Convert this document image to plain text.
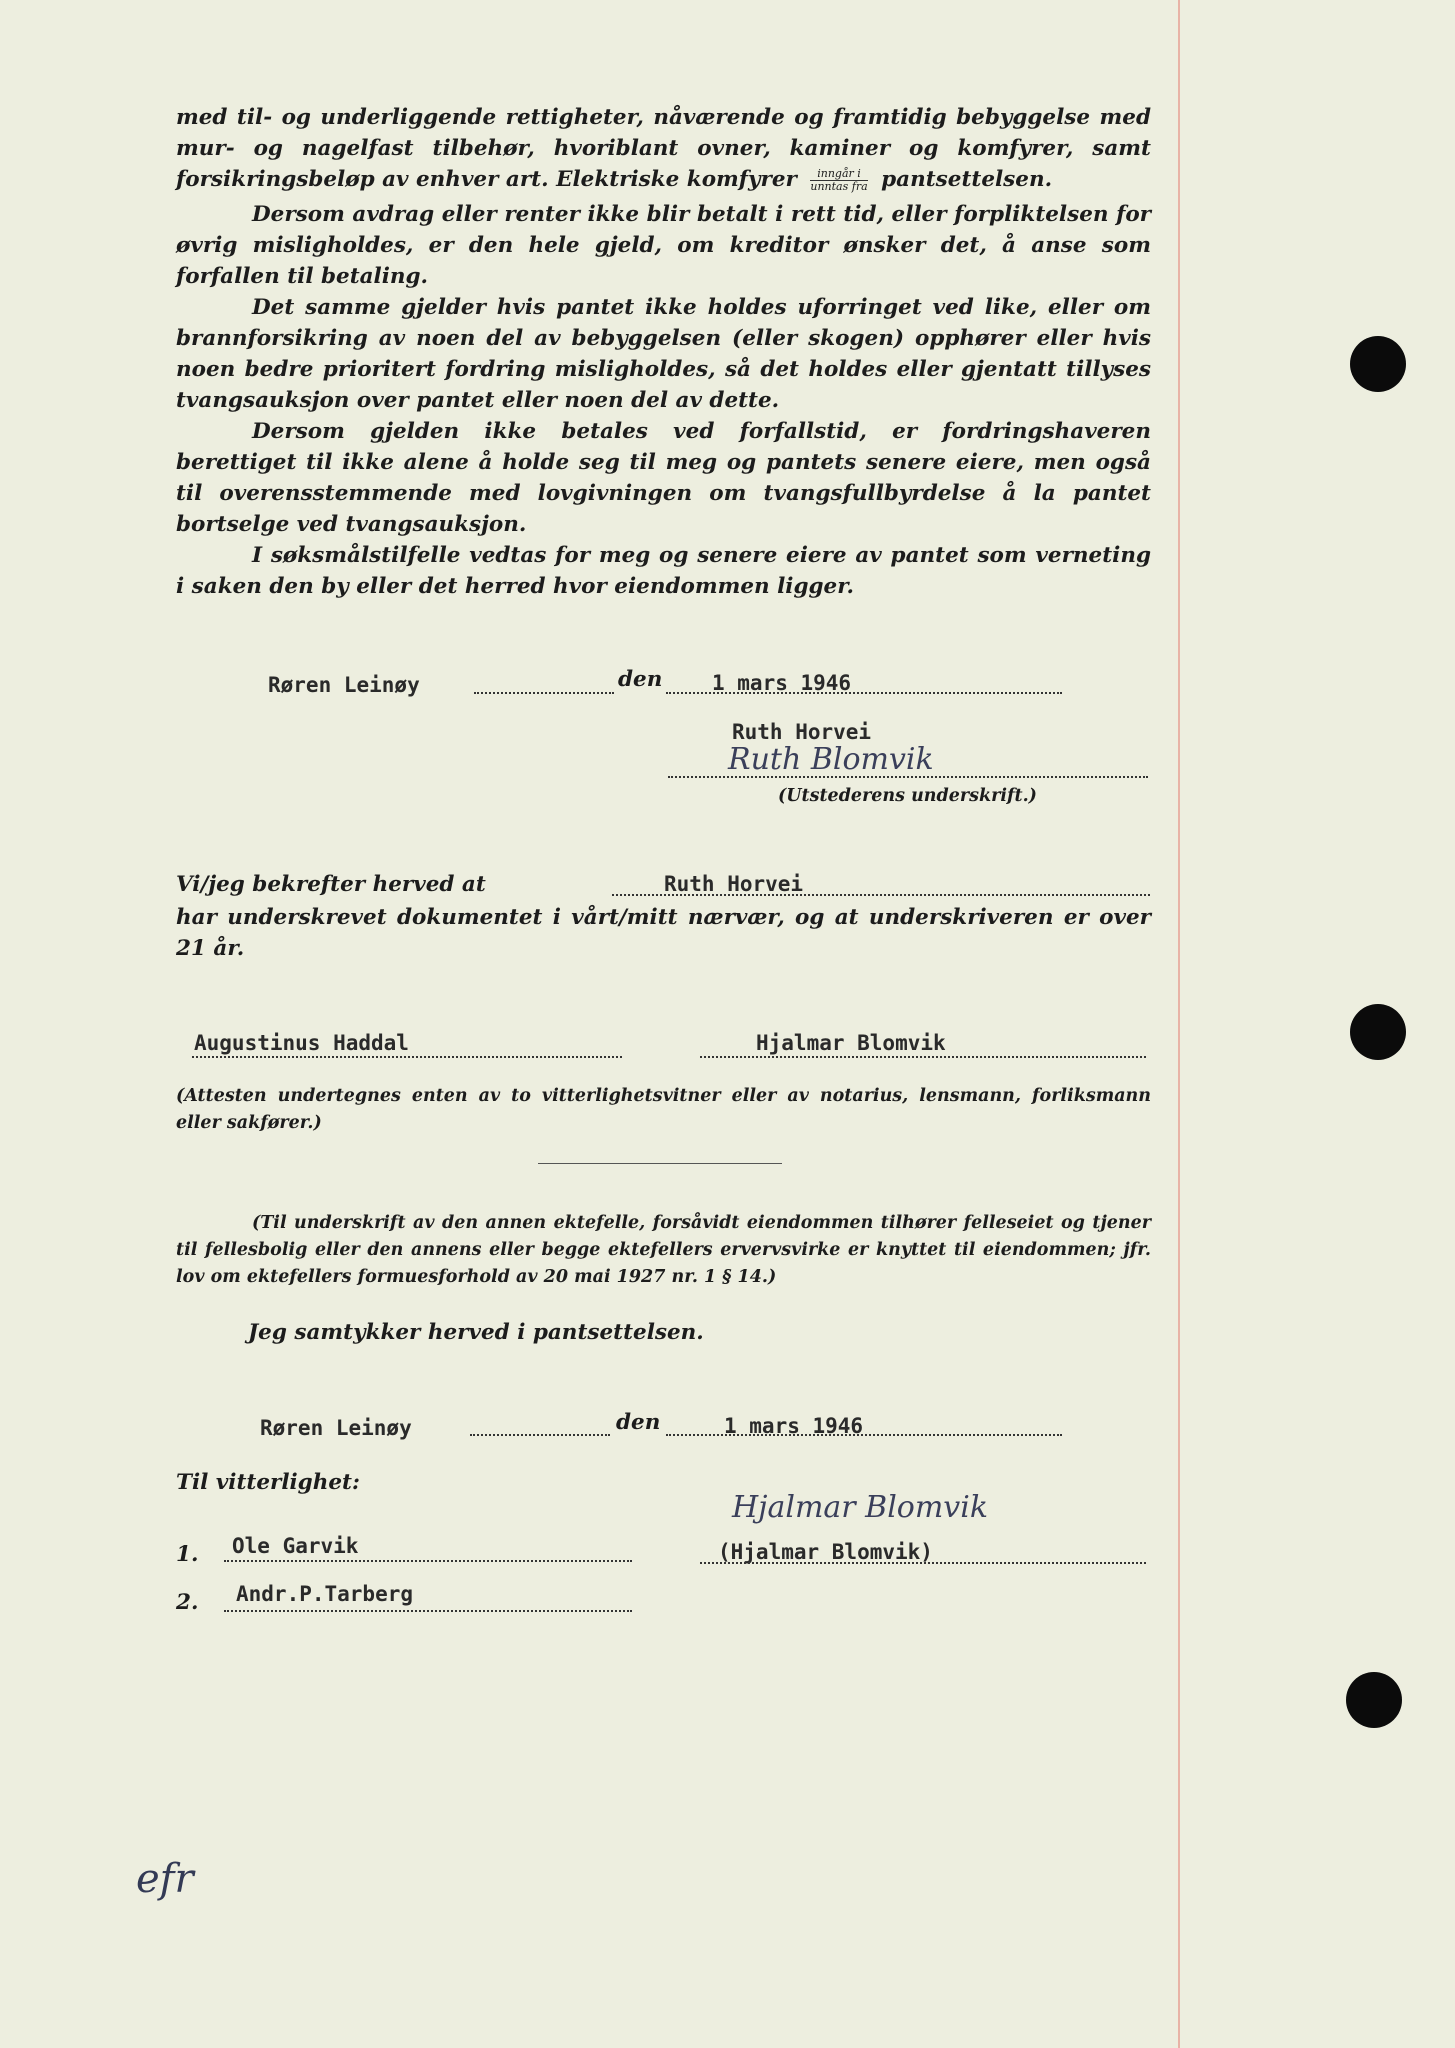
med til- og underliggende rettigheter, nåværende og framtidig bebyggelse med mur- og nagelfast tilbehør, hvoriblant ovner, kaminer og komfyrer, samt forsikringsbeløp av enhver art. Elektriske komfyrer $\frac{\text{inngår i}}{\text{unntas fra}}$ pantsettelsen.

Dersom avdrag eller renter ikke blir betalt i rett tid, eller forpliktelsen for øvrig misligholdes, er den hele gjeld, om kreditor ønsker det, å anse som forfallen til betaling.

Det samme gjelder hvis pantet ikke holdes uforringet ved like, eller om brannforsikring av noen del av bebyggelsen (eller skogen) opphører eller hvis noen bedre prioritert fordring misligholdes, så det holdes eller gjentatt tillyses tvangsauksjon over pantet eller noen del av dette.

Dersom gjelden ikke betales ved forfallstid, er fordringshaveren berettiget til ikke alene å holde seg til meg og pantets senere eiere, men også til overensstemmende med lovgivningen om tvangsfullbyrdelse å la pantet bortselge ved tvangsauksjon.

I søksmålstilfelle vedtas for meg og senere eiere av pantet som verneting i saken den by eller det herred hvor eiendommen ligger.

Røren Leinøy	den 1 mars 1946
Ruth Horvei
Ruth Blomvik
(Utstederens underskrift.)
Vi/jeg bekrefter herved at	Ruth Horvei

har underskrevet dokumentet i vårt/mitt nærvær, og at underskriveren er over 21 år.

Augustinus Haddal	Hjalmar Blomvik

(Attesten undertegnes enten av to vitterlighetsvitner eller av notarius, lensmann, forliksmann eller sakfører.)

(Til underskrift av den annen ektefelle, forsåvidt eiendommen tilhører felleseiet og tjener til fellesbolig eller den annens eller begge ektefellers ervervsvirke er knyttet til eiendommen; jfr. lov om ektefellers formuesforhold av 20 mai 1927 nr. 1 § 14.)

Jeg samtykker herved i pantsettelsen.
Røren Leinøy	den	1 mars 1946
Til vitterlighet:
Hjalmar Blomvik
1. Ole Garvik	(Hjalmar Blomvik)
2. Andr.P.Tarberg
efr
